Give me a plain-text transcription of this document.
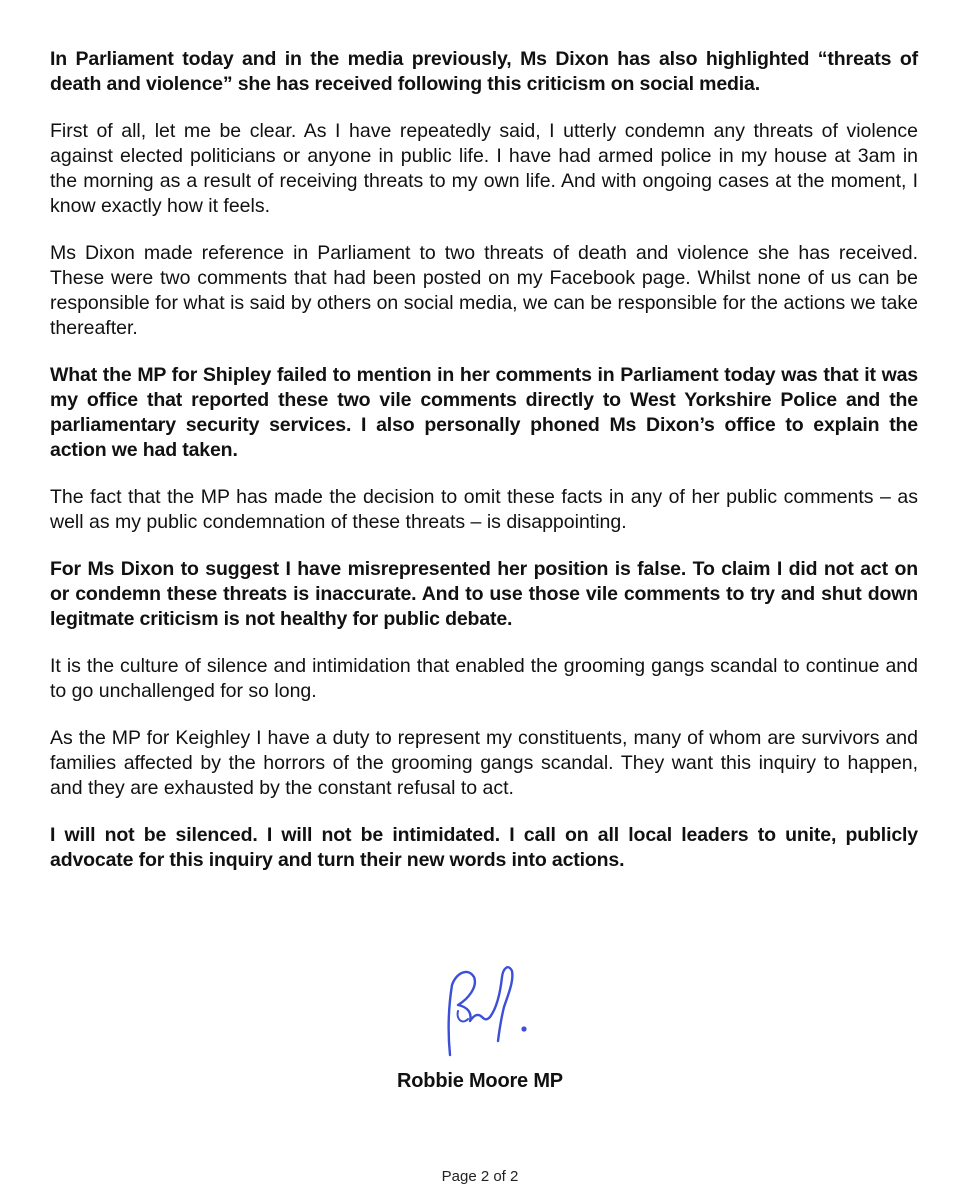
In Parliament today and in the media previously, Ms Dixon has also highlighted “threats of death and violence” she has received following this criticism on social media.

First of all, let me be clear. As I have repeatedly said, I utterly condemn any threats of violence against elected politicians or anyone in public life. I have had armed police in my house at 3am in the morning as a result of receiving threats to my own life. And with ongoing cases at the moment, I know exactly how it feels.

Ms Dixon made reference in Parliament to two threats of death and violence she has received. These were two comments that had been posted on my Facebook page. Whilst none of us can be responsible for what is said by others on social media, we can be responsible for the actions we take thereafter.

What the MP for Shipley failed to mention in her comments in Parliament today was that it was my office that reported these two vile comments directly to West Yorkshire Police and the parliamentary security services. I also personally phoned Ms Dixon’s office to explain the action we had taken.

The fact that the MP has made the decision to omit these facts in any of her public comments – as well as my public condemnation of these threats – is disappointing.

For Ms Dixon to suggest I have misrepresented her position is false. To claim I did not act on or condemn these threats is inaccurate. And to use those vile comments to try and shut down legitmate criticism is not healthy for public debate.

It is the culture of silence and intimidation that enabled the grooming gangs scandal to continue and to go unchallenged for so long.

As the MP for Keighley I have a duty to represent my constituents, many of whom are survivors and families affected by the horrors of the grooming gangs scandal. They want this inquiry to happen, and they are exhausted by the constant refusal to act.

I will not be silenced. I will not be intimidated. I call on all local leaders to unite, publicly advocate for this inquiry and turn their new words into actions.

Robbie Moore MP
Page 2 of 2
